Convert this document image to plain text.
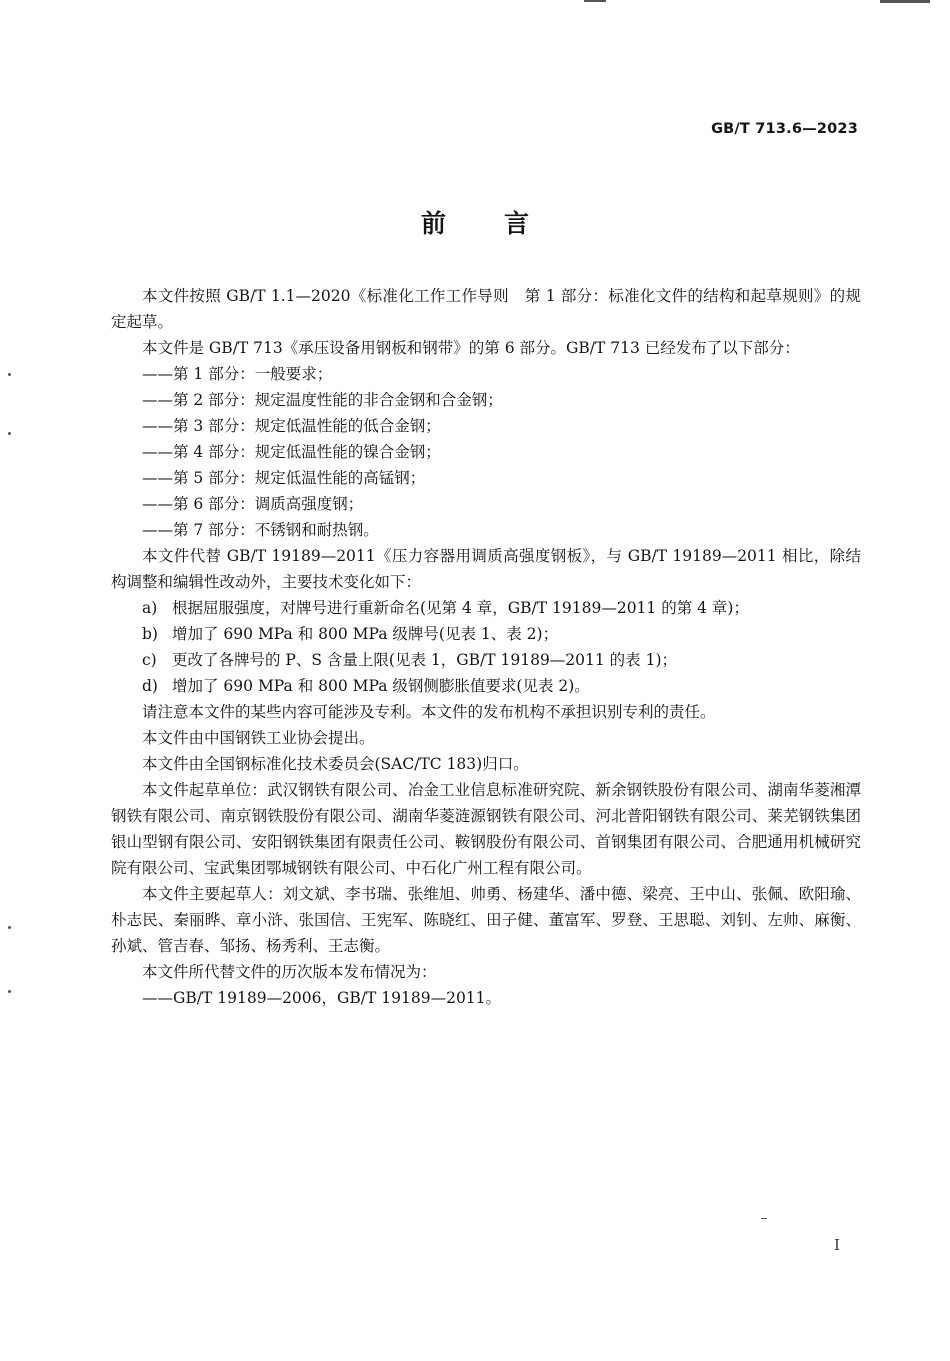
GB/T 713.6—2023
前言

本文件按照 GB/T 1.1—2020《标准化工作工作导则　第 1 部分：标准化文件的结构和起草规则》的规定起草。

本文件是 GB/T 713《承压设备用钢板和钢带》的第 6 部分。GB/T 713 已经发布了以下部分：

——第 1 部分：一般要求；

——第 2 部分：规定温度性能的非合金钢和合金钢；

——第 3 部分：规定低温性能的低合金钢；

——第 4 部分：规定低温性能的镍合金钢；

——第 5 部分：规定低温性能的高锰钢；

——第 6 部分：调质高强度钢；

——第 7 部分：不锈钢和耐热钢。

本文件代替 GB/T 19189—2011《压力容器用调质高强度钢板》，与 GB/T 19189—2011 相比，除结构调整和编辑性改动外，主要技术变化如下：

a) 根据屈服强度，对牌号进行重新命名(见第 4 章，GB/T 19189—2011 的第 4 章)；

b) 增加了 690 MPa 和 800 MPa 级牌号(见表 1、表 2)；

c) 更改了各牌号的 P、S 含量上限(见表 1，GB/T 19189—2011 的表 1)；

d) 增加了 690 MPa 和 800 MPa 级钢侧膨胀值要求(见表 2)。

请注意本文件的某些内容可能涉及专利。本文件的发布机构不承担识别专利的责任。

本文件由中国钢铁工业协会提出。

本文件由全国钢标准化技术委员会(SAC/TC 183)归口。

本文件起草单位：武汉钢铁有限公司、冶金工业信息标准研究院、新余钢铁股份有限公司、湖南华菱湘潭钢铁有限公司、南京钢铁股份有限公司、湖南华菱涟源钢铁有限公司、河北普阳钢铁有限公司、莱芜钢铁集团银山型钢有限公司、安阳钢铁集团有限责任公司、鞍钢股份有限公司、首钢集团有限公司、合肥通用机械研究院有限公司、宝武集团鄂城钢铁有限公司、中石化广州工程有限公司。

本文件主要起草人：刘文斌、李书瑞、张维旭、帅勇、杨建华、潘中德、梁亮、王中山、张佩、欧阳瑜、朴志民、秦丽晔、章小浒、张国信、王宪军、陈晓红、田子健、董富军、罗登、王思聪、刘钊、左帅、麻衡、孙斌、管吉春、邹扬、杨秀利、王志衡。

本文件所代替文件的历次版本发布情况为：

——GB/T 19189—2006，GB/T 19189—2011。

I
